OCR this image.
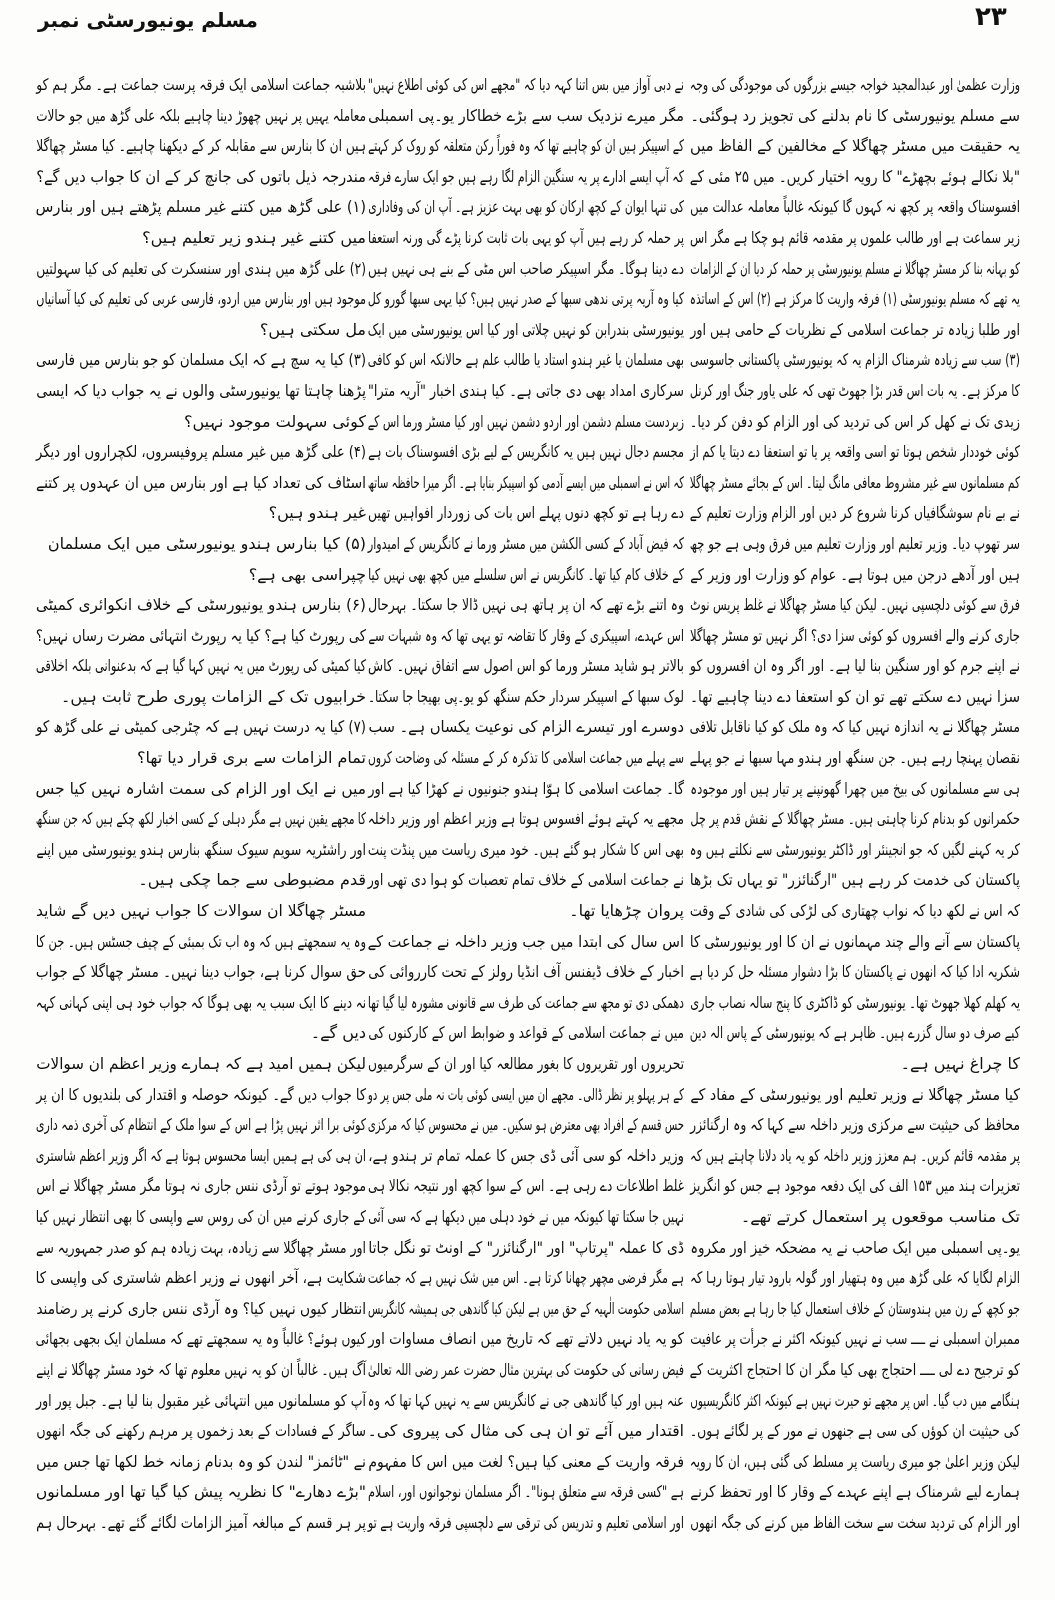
مسلم یونیورسٹی نمبر	۲۳
وزارت عظمیٰ اور عبدالمجید خواجہ جیسے بزرگوں کی موجودگی کی وجہ
سے مسلم یونیورسٹی کا نام بدلنے کی تجویز رد ہوگئی۔
یہ حقیقت میں مسٹر چھاگلا کے مخالفین کے الفاظ میں
"بلا نکالے ہوئے بچھڑے" کا رویہ اختیار کریں۔ میں ۲۵ مئی کے
افسوسناک واقعہ پر کچھ نہ کہوں گا کیونکہ غالباً معاملہ عدالت میں
زیر سماعت ہے اور طالب علموں پر مقدمہ قائم ہو چکا ہے مگر اس
کو بہانہ بنا کر مسٹر چھاگلا نے مسلم یونیورسٹی پر حملہ کر دیا ان کے الزامات
یہ تھے کہ مسلم یونیورسٹی (۱) فرقہ واریت کا مرکز ہے (۲) اس کے اساتذہ
اور طلبا زیادہ تر جماعت اسلامی کے نظریات کے حامی ہیں اور
(۳) سب سے زیادہ شرمناک الزام یہ کہ یونیورسٹی پاکستانی جاسوسی
کا مرکز ہے۔ یہ بات اس قدر بڑا جھوٹ تھی کہ علی یاور جنگ اور کرنل
زیدی تک نے کھل کر اس کی تردید کی اور الزام کو دفن کر دیا۔
کوئی خوددار شخص ہوتا تو اسی واقعہ پر یا تو استعفا دے دیتا یا کم از
کم مسلمانوں سے غیر مشروط معافی مانگ لیتا۔ اس کے بجائے مسٹر چھاگلا
نے بے نام سوشگافیاں کرنا شروع کر دیں اور الزام وزارت تعلیم کے
سر تھوپ دیا۔ وزیر تعلیم اور وزارت تعلیم میں فرق وہی ہے جو چھ
ہیں اور آدھے درجن میں ہوتا ہے۔ عوام کو وزارت اور وزیر کے
فرق سے کوئی دلچسپی نہیں۔ لیکن کیا مسٹر چھاگلا نے غلط پریس نوٹ
جاری کرنے والے افسروں کو کوئی سزا دی؟ اگر نہیں تو مسٹر چھاگلا
نے اپنے جرم کو اور سنگین بنا لیا ہے۔ اور اگر وہ ان افسروں کو
سزا نہیں دے سکتے تھے تو ان کو استعفا دے دینا چاہیے تھا۔
مسٹر چھاگلا نے یہ اندازہ نہیں کیا کہ وہ ملک کو کیا ناقابل تلافی
نقصان پہنچا رہے ہیں۔ جن سنگھ اور ہندو مہا سبھا نے جو پہلے
ہی سے مسلمانوں کی بیخ میں چھرا گھونپنے پر تیار ہیں اور موجودہ
حکمرانوں کو بدنام کرنا چاہتی ہیں۔ مسٹر چھاگلا کے نقش قدم پر چل
کر یہ کہنے لگیں کہ جو انجینئر اور ڈاکٹر یونیورسٹی سے نکلتے ہیں وہ
پاکستان کی خدمت کر رہے ہیں "ارگنائزر" تو یہاں تک بڑھا
کہ اس نے لکھ دیا کہ نواب چھتاری کی لڑکی کی شادی کے وقت
پاکستان سے آنے والے چند مہمانوں نے ان کا اور یونیورسٹی کا
شکریہ ادا کیا کہ انھوں نے پاکستان کا بڑا دشوار مسئلہ حل کر دیا ہے
یہ کھلم کھلا جھوٹ تھا۔ یونیورسٹی کو ڈاکٹری کا پنج سالہ نصاب جاری
کیے صرف دو سال گزرے ہیں۔ ظاہر ہے کہ یونیورسٹی کے پاس الہ دین
کا چراغ نہیں ہے۔
کیا مسٹر چھاگلا نے وزیر تعلیم اور یونیورسٹی کے مفاد کے
محافظ کی حیثیت سے مرکزی وزیر داخلہ سے کہا کہ وہ ارگنائزر
پر مقدمہ قائم کریں۔ ہم معزز وزیر داخلہ کو یہ یاد دلانا چاہتے ہیں کہ
تعزیرات ہند میں ۱۵۳ الف کی ایک دفعہ موجود ہے جس کو انگریز
تک مناسب موقعوں پر استعمال کرتے تھے۔
یو۔پی اسمبلی میں ایک صاحب نے یہ مضحکہ خیز اور مکروہ
الزام لگایا کہ علی گڑھ میں وہ ہتھیار اور گولہ بارود تیار ہوتا رہا کہ
جو کچھ کے رن میں ہندوستان کے خلاف استعمال کیا جا رہا ہے بعض مسلم
ممبران اسمبلی نے ــــ سب نے نہیں کیونکہ اکثر نے جرأت پر عافیت
کو ترجیح دے لی ــــ احتجاج بھی کیا مگر ان کا احتجاج اکثریت کے
ہنگامے میں دب گیا۔ اس پر مجھے تو حیرت نہیں ہے کیونکہ اکثر کانگریسیوں
کی حیثیت ان کوؤں کی سی ہے جنھوں نے مور کے پر لگائے ہوں۔
لیکن وزیر اعلیٰ جو میری ریاست پر مسلط کی گئی ہیں، ان کا رویہ
ہمارے لیے شرمناک ہے اپنے عہدے کے وقار کا اور تحفظ کرنے
اور الزام کی تردید سخت سے سخت الفاظ میں کرنے کی جگہ انھوں
نے دبی آواز میں بس اتنا کہہ دیا کہ "مجھے اس کی کوئی اطلاع نہیں"
مگر میرے نزدیک سب سے بڑے خطاکار یو۔پی اسمبلی
کے اسپیکر ہیں ان کو چاہیے تھا کہ وہ فوراً رکن متعلقہ کو روک کر کہتے
کہ آپ ایسے ادارے پر یہ سنگین الزام لگا رہے ہیں جو ایک سارے فرقہ
کی تنہا ایوان کے کچھ ارکان کو بھی بہت عزیز ہے۔ آپ ان کی وفاداری
پر حملہ کر رہے ہیں آپ کو یہی بات ثابت کرنا پڑے گی ورنہ استعفا
دے دینا ہوگا۔ مگر اسپیکر صاحب اس مٹی کے بنے ہی نہیں ہیں
کیا وہ آریہ پرتی ندھی سبھا کے صدر نہیں ہیں؟ کیا یہی سبھا گورو کل
یونیورسٹی بندرابن کو نہیں چلاتی اور کیا اس یونیورسٹی میں ایک
بھی مسلمان یا غیر ہندو استاد یا طالب علم ہے حالانکہ اس کو کافی
سرکاری امداد بھی دی جاتی ہے۔ کیا ہندی اخبار "آریہ مترا"
زبردست مسلم دشمن اور اردو دشمن نہیں اور کیا مسٹر ورما اس کے
مجسم دجال نہیں ہیں یہ کانگریس کے لیے بڑی افسوسناک بات ہے
کہ اس نے اسمبلی میں ایسے آدمی کو اسپیکر بنایا ہے۔ اگر میرا حافظہ ساتھ
دے رہا ہے تو کچھ دنوں پہلے اس بات کی زوردار افواہیں تھیں
کہ فیض آباد کے کسی الکشن میں مسٹر ورما نے کانگریس کے امیدوار
کے خلاف کام کیا تھا۔ کانگریس نے اس سلسلے میں کچھ بھی نہیں کیا
وہ اتنے بڑے تھے کہ ان پر ہاتھ ہی نہیں ڈالا جا سکتا۔ بہرحال
اس عہدے، اسپیکری کے وقار کا تقاضہ تو یہی تھا کہ وہ شبہات سے
بالاتر ہو شاید مسٹر ورما کو اس اصول سے اتفاق نہیں۔ کاش
لوک سبھا کے اسپیکر سردار حکم سنگھ کو یو۔پی بھیجا جا سکتا۔
دوسرے اور تیسرے الزام کی نوعیت یکساں ہے۔ سب
سے پہلے میں جماعت اسلامی کا تذکرہ کر کے مسئلہ کی وضاحت کروں
گا۔ جماعت اسلامی کا ہوّا ہندو جنونیوں نے کھڑا کیا ہے اور
مجھے یہ کہتے ہوئے افسوس ہوتا ہے وزیر اعظم اور وزیر داخلہ
بھی اس کا شکار ہو گئے ہیں۔ خود میری ریاست میں پنڈت پنت
نے جماعت اسلامی کے خلاف تمام تعصبات کو ہوا دی تھی اور
پروان چڑھایا تھا۔
اس سال کی ابتدا میں جب وزیر داخلہ نے جماعت کے
اخبار کے خلاف ڈیفنس آف انڈیا رولز کے تحت کارروائی کی
دھمکی دی تو مجھ سے جماعت کی طرف سے قانونی مشورہ لیا گیا تھا
میں نے جماعت اسلامی کے قواعد و ضوابط اس کے کارکنوں کی
تحریروں اور تقریروں کا بغور مطالعہ کیا اور ان کے سرگرمیوں
کے ہر پہلو پر نظر ڈالی۔ مجھے ان میں ایسی کوئی بات نہ ملی جس پر دو
حس قسم کے افراد بھی معترض ہو سکیں۔ میں نے محسوس کیا کہ مرکزی
وزیر داخلہ کو سی آئی ڈی جس کا عملہ تمام تر ہندو ہے،
غلط اطلاعات دے رہی ہے۔ اس کے سوا کچھ اور نتیجہ نکالا ہی
نہیں جا سکتا تھا کیونکہ میں نے خود دہلی میں دیکھا ہے کہ سی آئی
ڈی کا عملہ "پرتاپ" اور "ارگنائزر" کے اونٹ تو نگل جاتا
ہے مگر فرضی مچھر چھانا کرتا ہے۔ اس میں شک نہیں ہے کہ جماعت
اسلامی حکومت الٰہیہ کے حق میں ہے لیکن کیا گاندھی جی ہمیشہ کانگریس
کو یہ یاد نہیں دلاتے تھے کہ تاریخ میں انصاف مساوات اور
فیض رسانی کی حکومت کی بہترین مثال حضرت عمر رضی اللہ تعالیٰ
عنہ ہیں اور کیا گاندھی جی نے کانگریس سے یہ نہیں کہا تھا کہ وہ
اقتدار میں آئے تو ان ہی کی مثال کی پیروی کی۔
فرقہ واریت کے معنی کیا ہیں؟ لغت میں اس کا مفہوم
ہے "کسی فرقہ سے متعلق ہونا"۔ اگر مسلمان نوجوانوں اور، اسلام
اور اسلامی تعلیم و تدریس کی ترقی سے دلچسپی فرقہ واریت ہے تو
بلاشبہ جماعت اسلامی ایک فرقہ پرست جماعت ہے۔ مگر ہم کو
معاملہ یہیں پر نہیں چھوڑ دینا چاہیے بلکہ علی گڑھ میں جو حالات
ہیں ان کا بنارس سے مقابلہ کر کے دیکھنا چاہیے۔ کیا مسٹر چھاگلا
مندرجہ ذیل باتوں کی جانچ کر کے ان کا جواب دیں گے؟
(۱) علی گڑھ میں کتنے غیر مسلم پڑھتے ہیں اور بنارس
میں کتنے غیر ہندو زیر تعلیم ہیں؟
(۲) علی گڑھ میں ہندی اور سنسکرت کی تعلیم کی کیا سہولتیں
موجود ہیں اور بنارس میں اردو، فارسی عربی کی تعلیم کی کیا آسانیاں
مل سکتی ہیں؟
(۳) کیا یہ سچ ہے کہ ایک مسلمان کو جو بنارس میں فارسی
پڑھنا چاہتا تھا یونیورسٹی والوں نے یہ جواب دیا کہ ایسی
کوئی سہولت موجود نہیں؟
(۴) علی گڑھ میں غیر مسلم پروفیسروں، لکچراروں اور دیگر
اسٹاف کی تعداد کیا ہے اور بنارس میں ان عہدوں پر کتنے
غیر ہندو ہیں؟
(۵) کیا بنارس ہندو یونیورسٹی میں ایک مسلمان
چپراسی بھی ہے؟
(۶) بنارس ہندو یونیورسٹی کے خلاف انکوائری کمیٹی
کی رپورٹ کیا ہے؟ کیا یہ رپورٹ انتہائی مضرت رساں نہیں؟
کیا کمیٹی کی رپورٹ میں یہ نہیں کہا گیا ہے کہ بدعنوانی بلکہ اخلاقی
خرابیوں تک کے الزامات پوری طرح ثابت ہیں۔
(۷) کیا یہ درست نہیں ہے کہ چٹرجی کمیٹی نے علی گڑھ کو
تمام الزامات سے بری قرار دیا تھا؟
میں نے ایک اور الزام کی سمت اشارہ نہیں کیا جس
کا مجھے یقین نہیں ہے مگر دہلی کے کسی اخبار لکھ چکے ہیں کہ جن سنگھ
اور راشٹریہ سویم سیوک سنگھ بنارس ہندو یونیورسٹی میں اپنے
قدم مضبوطی سے جما چکی ہیں۔
مسٹر چھاگلا ان سوالات کا جواب نہیں دیں گے شاید
وہ یہ سمجھتے ہیں کہ وہ اب تک بمبئی کے چیف جسٹس ہیں۔ جن کا
حق سوال کرنا ہے، جواب دینا نہیں۔ مسٹر چھاگلا کے جواب
نہ دینے کا ایک سبب یہ بھی ہوگا کہ جواب خود ہی اپنی کہانی کہہ
دیں گے۔
لیکن ہمیں امید ہے کہ ہمارے وزیر اعظم ان سوالات
کا جواب دیں گے۔ کیونکہ حوصلہ و اقتدار کی بلندیوں کا ان پر
کوئی برا اثر نہیں پڑا ہے اس کے سوا ملک کے انتظام کی آخری ذمہ داری
ان ہی کی ہے ہمیں ایسا محسوس ہوتا ہے کہ اگر وزیر اعظم شاستری
موجود ہوتے تو آرڈی ننس جاری نہ ہوتا مگر مسٹر چھاگلا نے اس
کے جاری کرنے میں ان کی روس سے واپسی کا بھی انتظار نہیں کیا
اور مسٹر چھاگلا سے زیادہ، بہت زیادہ ہم کو صدر جمہوریہ سے
شکایت ہے، آخر انھوں نے وزیر اعظم شاستری کی واپسی کا
انتظار کیوں نہیں کیا؟ وہ آرڈی ننس جاری کرنے پر رضامند
کیوں ہوئے؟ غالباً وہ یہ سمجھتے تھے کہ مسلمان ایک بجھی بجھائی
آگ ہیں۔ غالباً ان کو یہ نہیں معلوم تھا کہ خود مسٹر چھاگلا نے اپنے
آپ کو مسلمانوں میں انتہائی غیر مقبول بنا لیا ہے۔ جبل پور اور
ساگر کے فسادات کے بعد زخموں پر مرہم رکھنے کی جگہ انھوں
نے "ٹائمز" لندن کو وہ بدنام زمانہ خط لکھا تھا جس میں
"بڑے دھارے" کا نظریہ پیش کیا گیا تھا اور مسلمانوں
پر ہر قسم کے مبالغہ آمیز الزامات لگائے گئے تھے۔ بہرحال ہم
